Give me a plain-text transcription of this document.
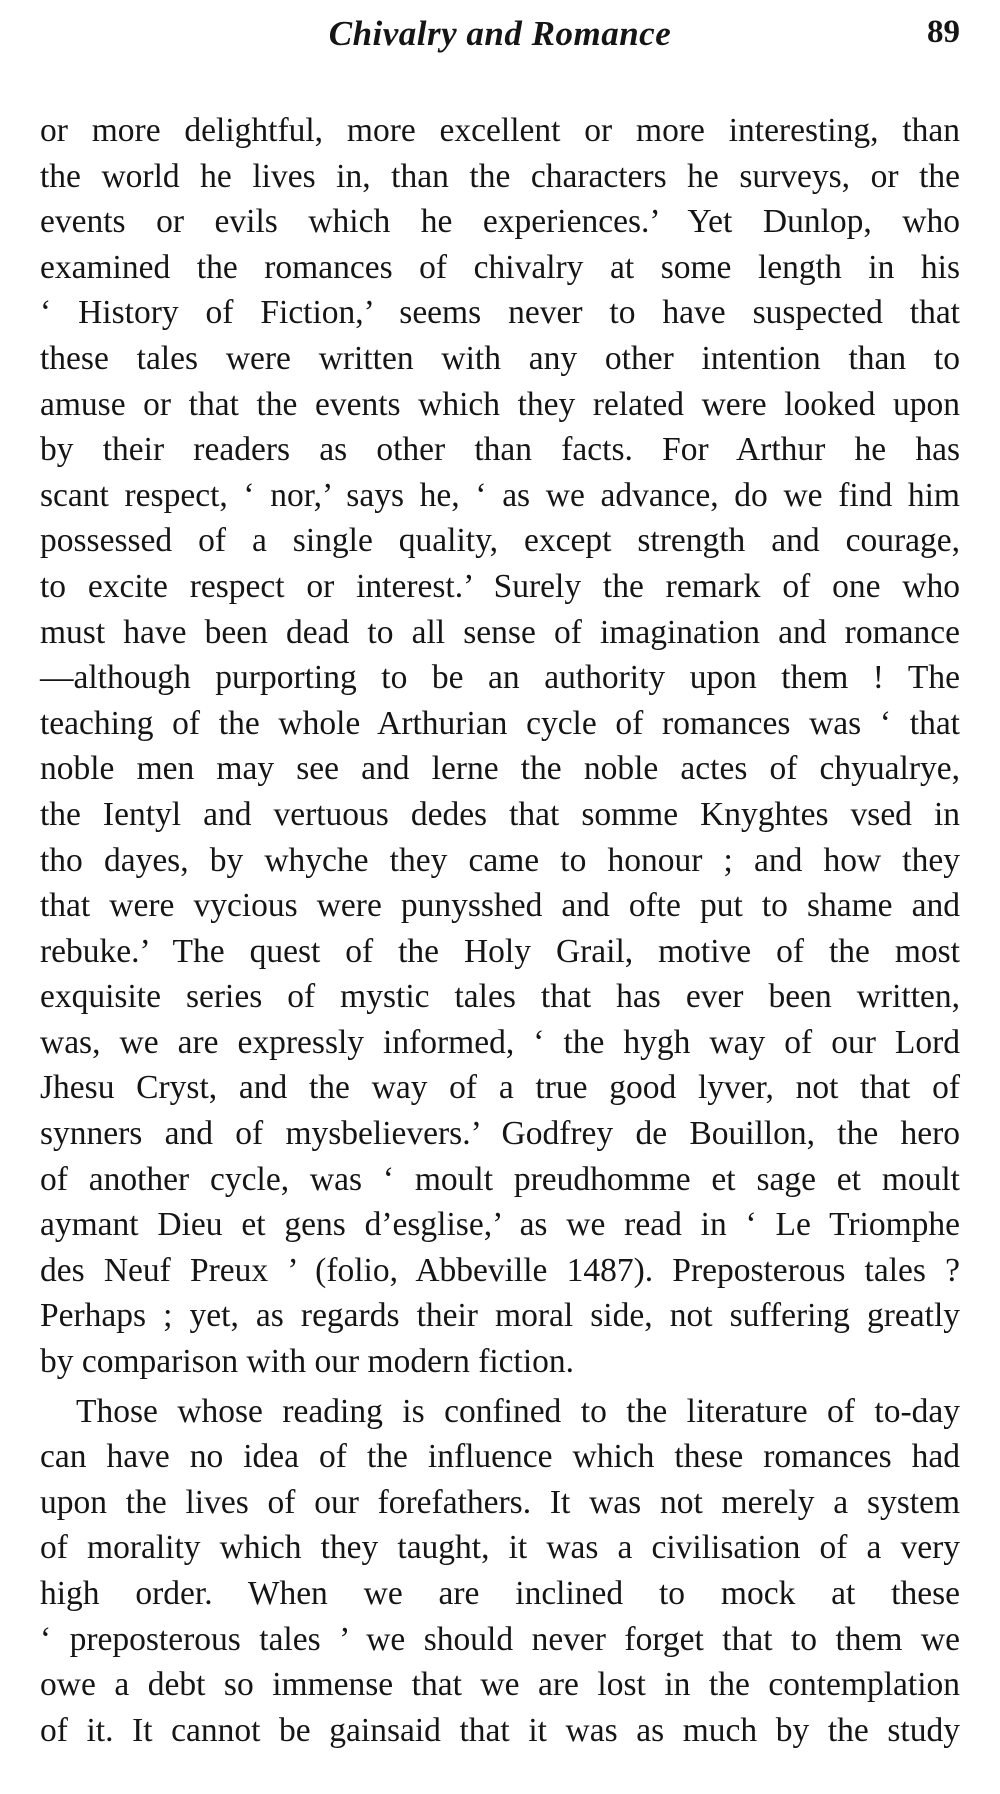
Chivalry and Romance	89
or more delightful, more excellent or more interesting, than
the world he lives in, than the characters he surveys, or the
events or evils which he experiences.’ Yet Dunlop, who
examined the romances of chivalry at some length in his
‘ History of Fiction,’ seems never to have suspected that
these tales were written with any other intention than to
amuse or that the events which they related were looked upon
by their readers as other than facts. For Arthur he has
scant respect, ‘ nor,’ says he, ‘ as we advance, do we find him
possessed of a single quality, except strength and courage,
to excite respect or interest.’ Surely the remark of one who
must have been dead to all sense of imagination and romance
—although purporting to be an authority upon them ! The
teaching of the whole Arthurian cycle of romances was ‘ that
noble men may see and lerne the noble actes of chyualrye,
the Ientyl and vertuous dedes that somme Knyghtes vsed in
tho dayes, by whyche they came to honour ; and how they
that were vycious were punysshed and ofte put to shame and
rebuke.’ The quest of the Holy Grail, motive of the most
exquisite series of mystic tales that has ever been written,
was, we are expressly informed, ‘ the hygh way of our Lord
Jhesu Cryst, and the way of a true good lyver, not that of
synners and of mysbelievers.’ Godfrey de Bouillon, the hero
of another cycle, was ‘ moult preudhomme et sage et moult
aymant Dieu et gens d’esglise,’ as we read in ‘ Le Triomphe
des Neuf Preux ’ (folio, Abbeville 1487). Preposterous tales ?
Perhaps ; yet, as regards their moral side, not suffering greatly
by comparison with our modern fiction.
Those whose reading is confined to the literature of to-day
can have no idea of the influence which these romances had
upon the lives of our forefathers. It was not merely a system
of morality which they taught, it was a civilisation of a very
high order. When we are inclined to mock at these
‘ preposterous tales ’ we should never forget that to them we
owe a debt so immense that we are lost in the contemplation
of it. It cannot be gainsaid that it was as much by the study
